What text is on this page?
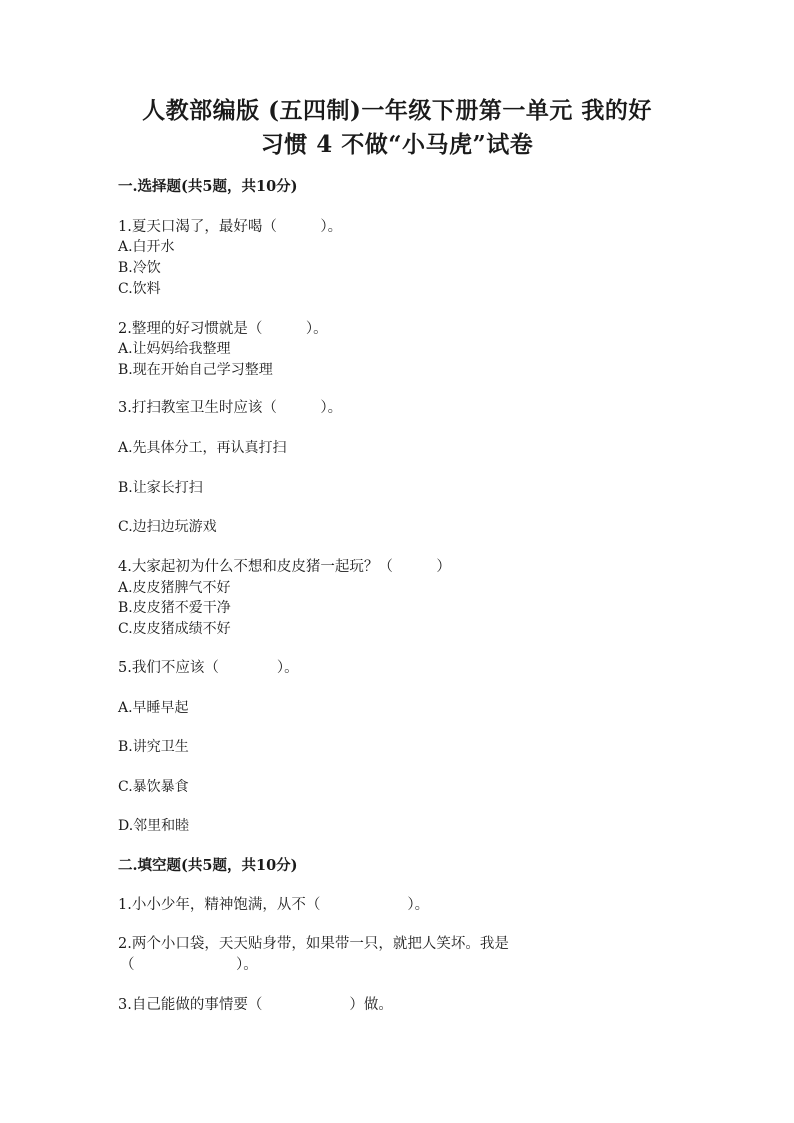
人教部编版 (五四制)一年级下册第一单元 我的好
习惯 4 不做“小马虎”试卷
一.选择题(共5题，共10分)
1.夏天口渴了，最好喝（　　　）。
A.白开水
B.冷饮
C.饮料
2.整理的好习惯就是（　　　）。
A.让妈妈给我整理
B.现在开始自己学习整理
3.打扫教室卫生时应该（　　　）。
A.先具体分工，再认真打扫
B.让家长打扫
C.边扫边玩游戏
4.大家起初为什么不想和皮皮猪一起玩？（　　　）
A.皮皮猪脾气不好
B.皮皮猪不爱干净
C.皮皮猪成绩不好
5.我们不应该（　　　　）。
A.早睡早起
B.讲究卫生
C.暴饮暴食
D.邻里和睦
二.填空题(共5题，共10分)
1.小小少年，精神饱满，从不（　　　　　　）。
2.两个小口袋，天天贴身带，如果带一只，就把人笑坏。我是
（　　　　　　　）。
3.自己能做的事情要（　　　　　　）做。
